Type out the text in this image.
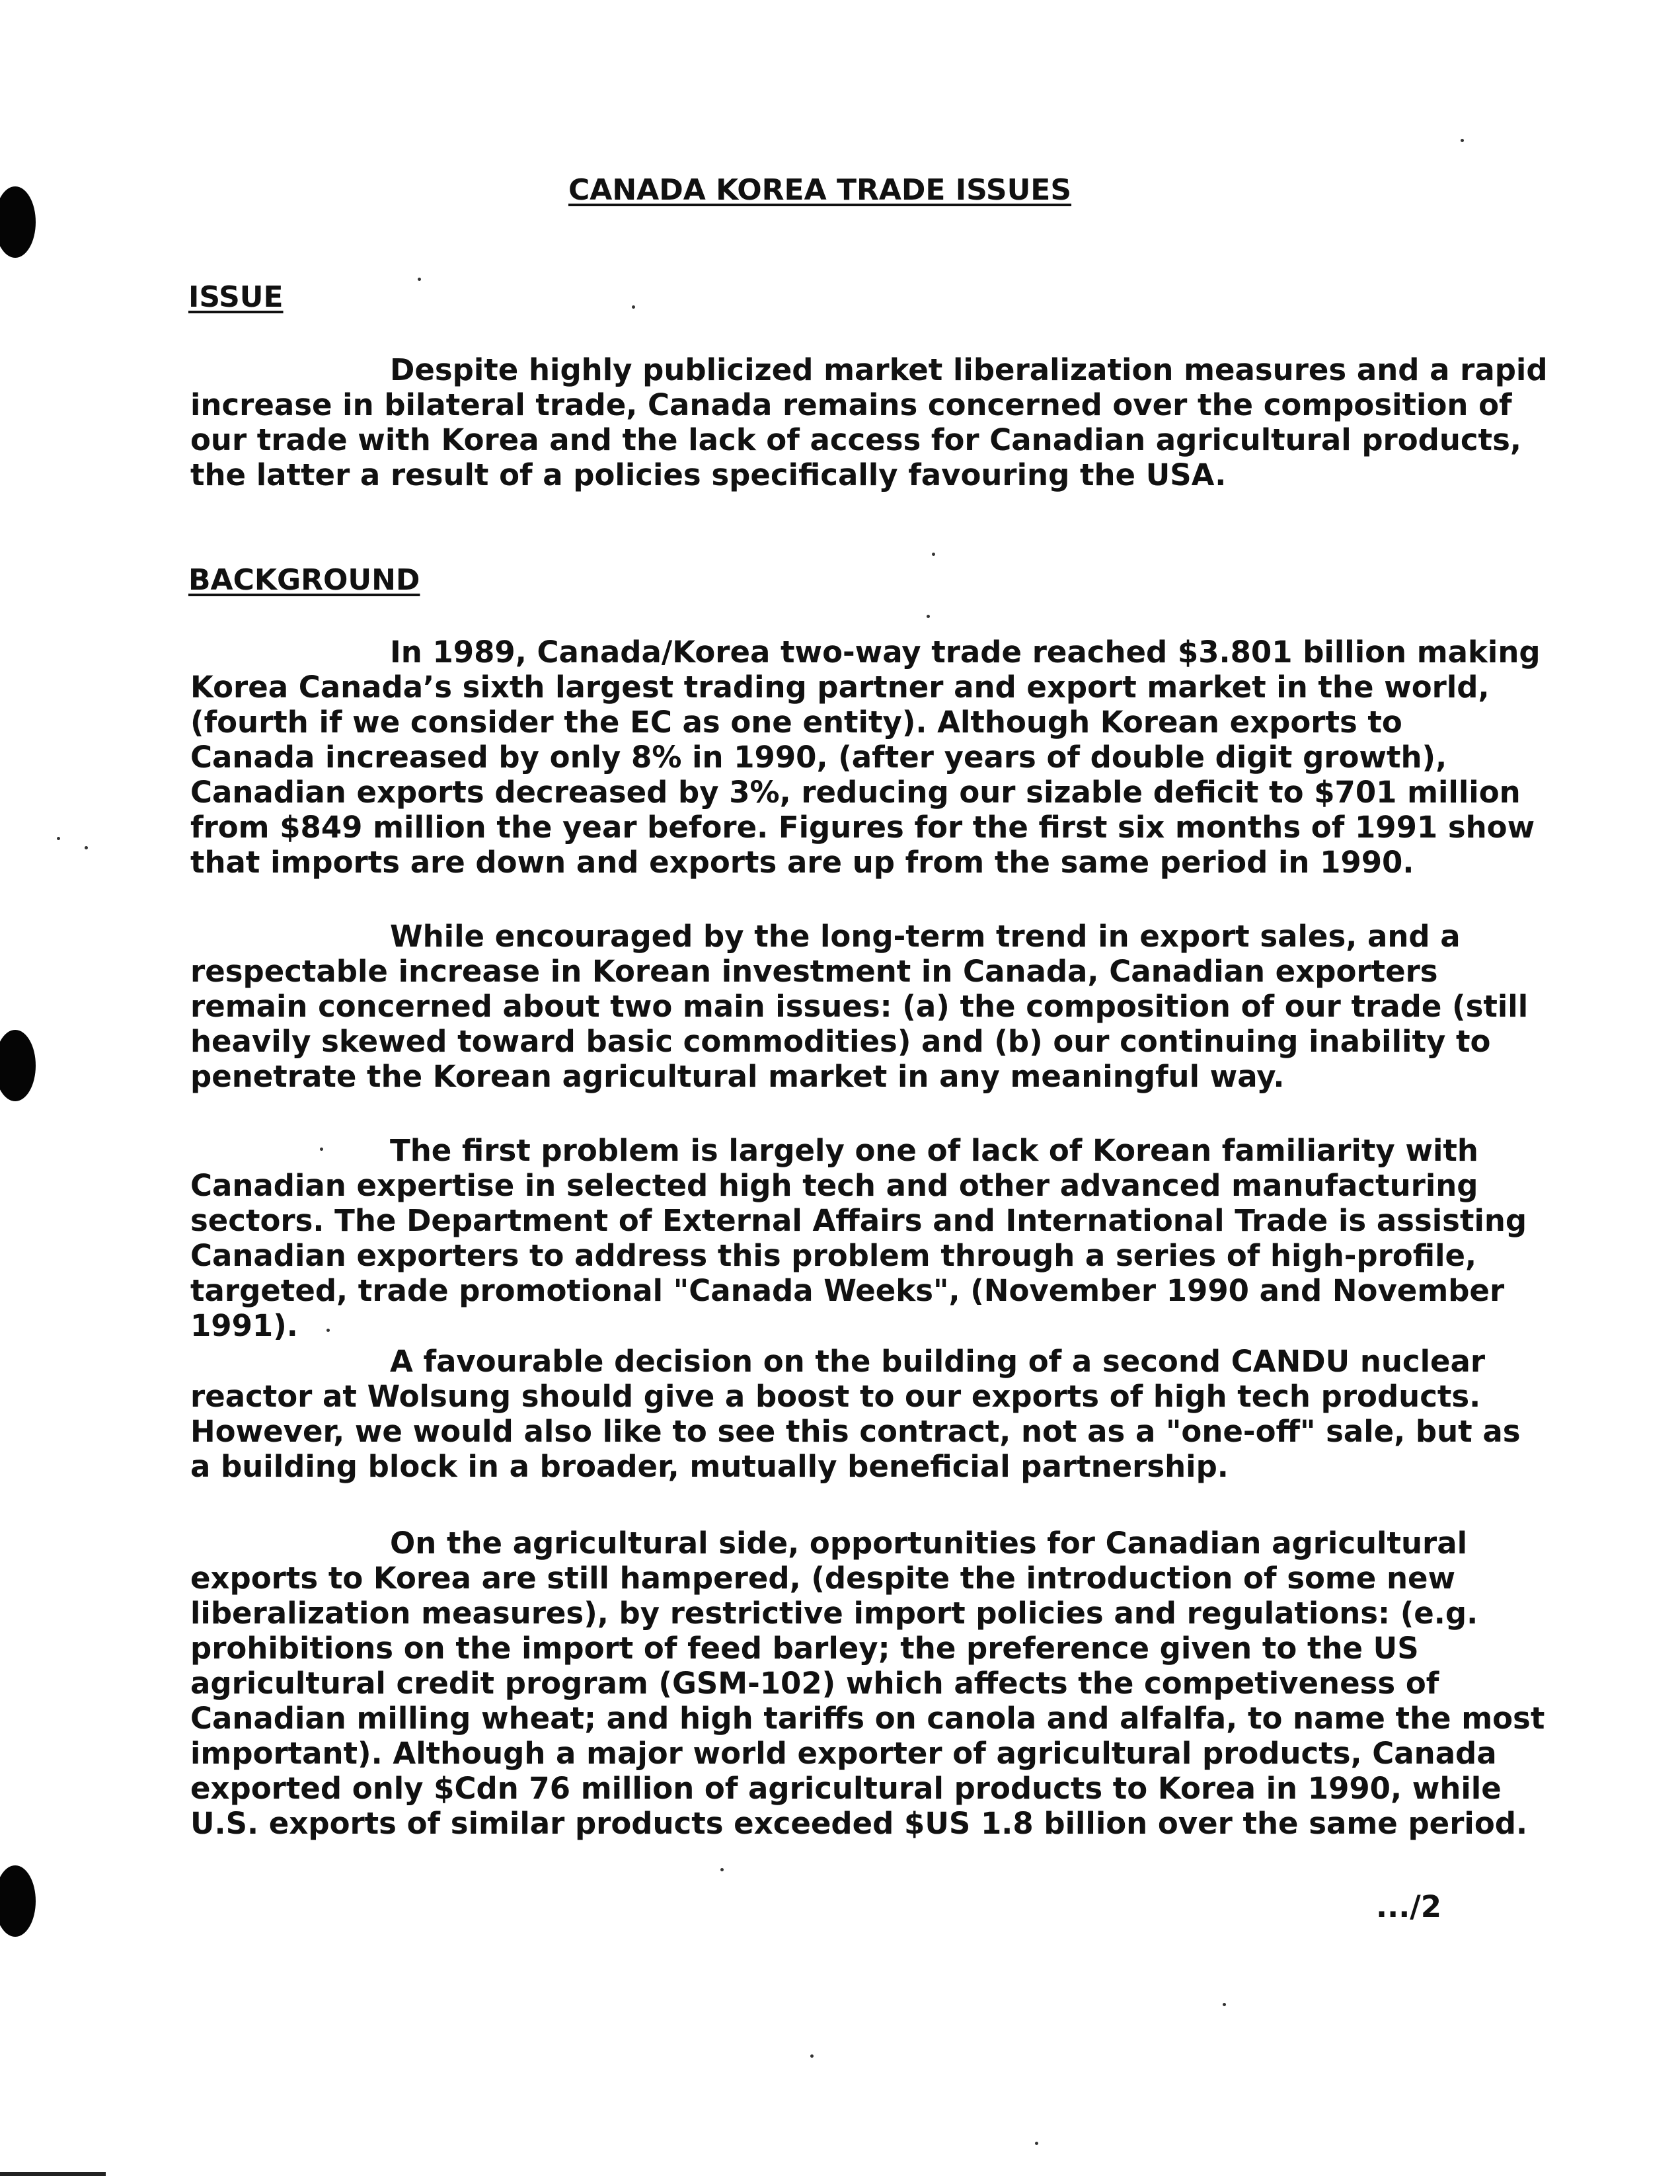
CANADA KOREA TRADE ISSUES
ISSUE
Despite highly publicized market liberalization measures and a rapid
increase in bilateral trade, Canada remains concerned over the composition of
our trade with Korea and the lack of access for Canadian agricultural products,
the latter a result of a policies specifically favouring the USA.
BACKGROUND
In 1989, Canada/Korea two-way trade reached $3.801 billion making
Korea Canada’s sixth largest trading partner and export market in the world,
(fourth if we consider the EC as one entity). Although Korean exports to
Canada increased by only 8% in 1990, (after years of double digit growth),
Canadian exports decreased by 3%, reducing our sizable deficit to $701 million
from $849 million the year before. Figures for the first six months of 1991 show
that imports are down and exports are up from the same period in 1990.
While encouraged by the long-term trend in export sales, and a
respectable increase in Korean investment in Canada, Canadian exporters
remain concerned about two main issues: (a) the composition of our trade (still
heavily skewed toward basic commodities) and (b) our continuing inability to
penetrate the Korean agricultural market in any meaningful way.
The first problem is largely one of lack of Korean familiarity with
Canadian expertise in selected high tech and other advanced manufacturing
sectors. The Department of External Affairs and International Trade is assisting
Canadian exporters to address this problem through a series of high-profile,
targeted, trade promotional "Canada Weeks", (November 1990 and November
1991).
A favourable decision on the building of a second CANDU nuclear
reactor at Wolsung should give a boost to our exports of high tech products.
However, we would also like to see this contract, not as a "one-off" sale, but as
a building block in a broader, mutually beneficial partnership.
On the agricultural side, opportunities for Canadian agricultural
exports to Korea are still hampered, (despite the introduction of some new
liberalization measures), by restrictive import policies and regulations: (e.g.
prohibitions on the import of feed barley; the preference given to the US
agricultural credit program (GSM-102) which affects the competiveness of
Canadian milling wheat; and high tariffs on canola and alfalfa, to name the most
important). Although a major world exporter of agricultural products, Canada
exported only $Cdn 76 million of agricultural products to Korea in 1990, while
U.S. exports of similar products exceeded $US 1.8 billion over the same period.
.../2
